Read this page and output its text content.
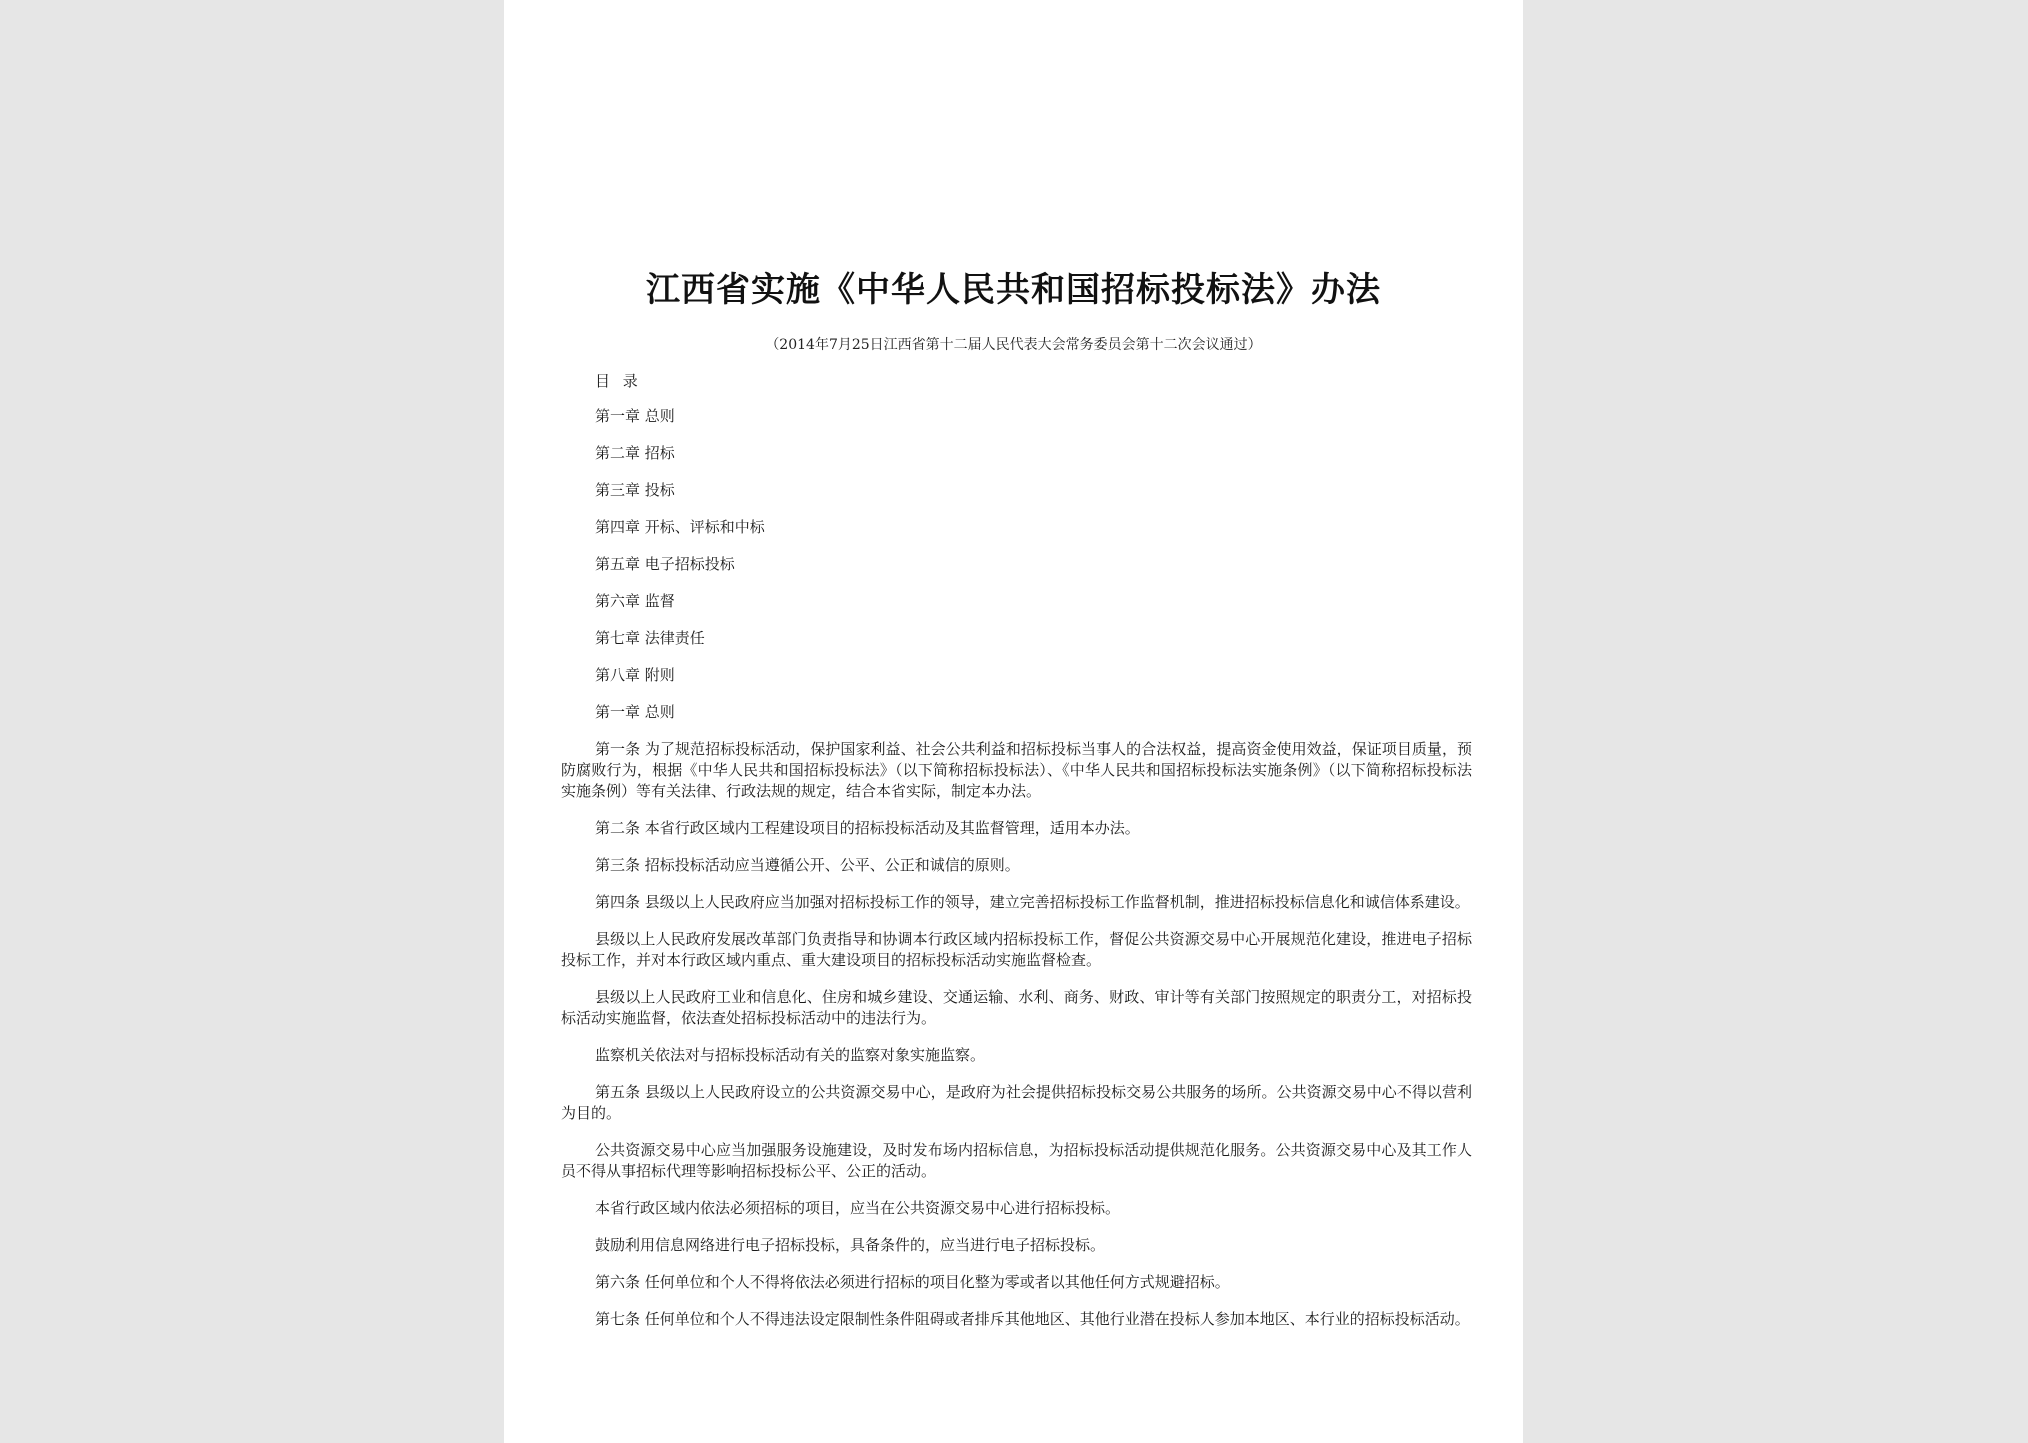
江西省实施《中华人民共和国招标投标法》办法
（2014年7月25日江西省第十二届人民代表大会常务委员会第十二次会议通过）
目 录
第一章 总则
第二章 招标
第三章 投标
第四章 开标、评标和中标
第五章 电子招标投标
第六章 监督
第七章 法律责任
第八章 附则
第一章 总则

第一条 为了规范招标投标活动，保护国家利益、社会公共利益和招标投标当事人的合法权益，提高资金使用效益，保证项目质量，预防腐败行为，根据《中华人民共和国招标投标法》（以下简称招标投标法）、《中华人民共和国招标投标法实施条例》（以下简称招标投标法实施条例）等有关法律、行政法规的规定，结合本省实际，制定本办法。

第二条 本省行政区域内工程建设项目的招标投标活动及其监督管理，适用本办法。

第三条 招标投标活动应当遵循公开、公平、公正和诚信的原则。

第四条 县级以上人民政府应当加强对招标投标工作的领导，建立完善招标投标工作监督机制，推进招标投标信息化和诚信体系建设。

县级以上人民政府发展改革部门负责指导和协调本行政区域内招标投标工作，督促公共资源交易中心开展规范化建设，推进电子招标投标工作，并对本行政区域内重点、重大建设项目的招标投标活动实施监督检查。

县级以上人民政府工业和信息化、住房和城乡建设、交通运输、水利、商务、财政、审计等有关部门按照规定的职责分工，对招标投标活动实施监督，依法查处招标投标活动中的违法行为。

监察机关依法对与招标投标活动有关的监察对象实施监察。

第五条 县级以上人民政府设立的公共资源交易中心，是政府为社会提供招标投标交易公共服务的场所。公共资源交易中心不得以营利为目的。

公共资源交易中心应当加强服务设施建设，及时发布场内招标信息，为招标投标活动提供规范化服务。公共资源交易中心及其工作人员不得从事招标代理等影响招标投标公平、公正的活动。

本省行政区域内依法必须招标的项目，应当在公共资源交易中心进行招标投标。

鼓励利用信息网络进行电子招标投标，具备条件的，应当进行电子招标投标。

第六条 任何单位和个人不得将依法必须进行招标的项目化整为零或者以其他任何方式规避招标。

第七条 任何单位和个人不得违法设定限制性条件阻碍或者排斥其他地区、其他行业潜在投标人参加本地区、本行业的招标投标活动。
